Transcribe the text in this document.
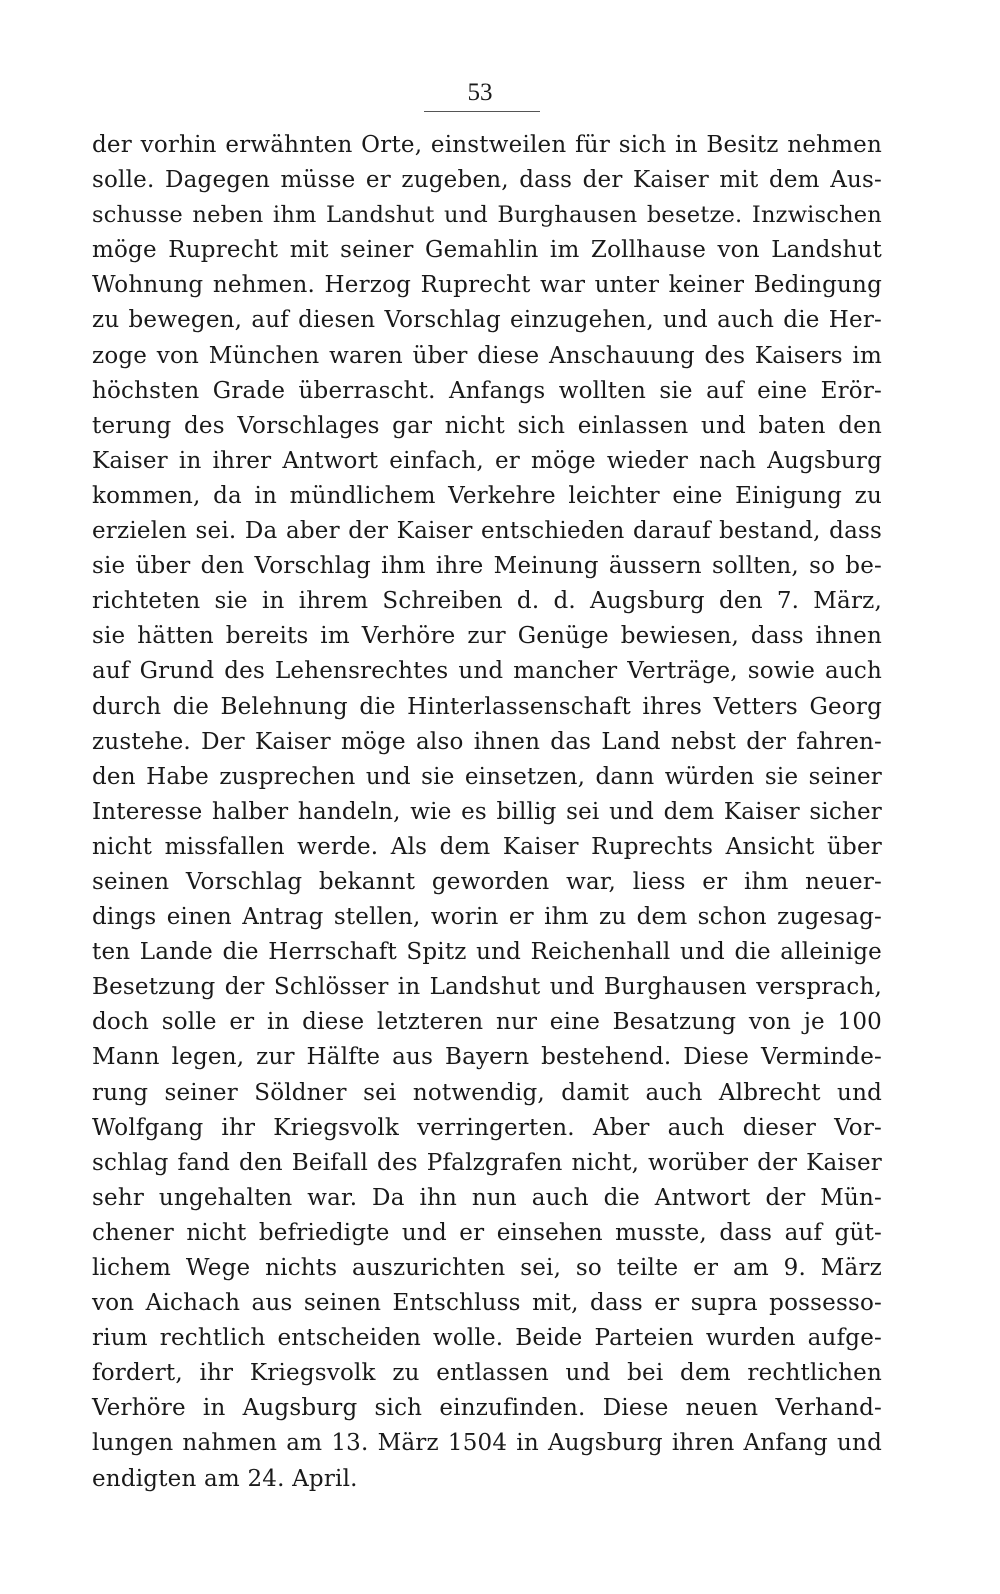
53
der vorhin erwähnten Orte, einstweilen für sich in Besitz nehmen
solle. Dagegen müsse er zugeben, dass der Kaiser mit dem Aus-
schusse neben ihm Landshut und Burghausen besetze. Inzwischen
möge Ruprecht mit seiner Gemahlin im Zollhause von Landshut
Wohnung nehmen. Herzog Ruprecht war unter keiner Bedingung
zu bewegen, auf diesen Vorschlag einzugehen, und auch die Her-
zoge von München waren über diese Anschauung des Kaisers im
höchsten Grade überrascht. Anfangs wollten sie auf eine Erör-
terung des Vorschlages gar nicht sich einlassen und baten den
Kaiser in ihrer Antwort einfach, er möge wieder nach Augsburg
kommen, da in mündlichem Verkehre leichter eine Einigung zu
erzielen sei. Da aber der Kaiser entschieden darauf bestand, dass
sie über den Vorschlag ihm ihre Meinung äussern sollten, so be-
richteten sie in ihrem Schreiben d. d. Augsburg den 7. März,
sie hätten bereits im Verhöre zur Genüge bewiesen, dass ihnen
auf Grund des Lehensrechtes und mancher Verträge, sowie auch
durch die Belehnung die Hinterlassenschaft ihres Vetters Georg
zustehe. Der Kaiser möge also ihnen das Land nebst der fahren-
den Habe zusprechen und sie einsetzen, dann würden sie seiner
Interesse halber handeln, wie es billig sei und dem Kaiser sicher
nicht missfallen werde. Als dem Kaiser Ruprechts Ansicht über
seinen Vorschlag bekannt geworden war, liess er ihm neuer-
dings einen Antrag stellen, worin er ihm zu dem schon zugesag-
ten Lande die Herrschaft Spitz und Reichenhall und die alleinige
Besetzung der Schlösser in Landshut und Burghausen versprach,
doch solle er in diese letzteren nur eine Besatzung von je 100
Mann legen, zur Hälfte aus Bayern bestehend. Diese Verminde-
rung seiner Söldner sei notwendig, damit auch Albrecht und
Wolfgang ihr Kriegsvolk verringerten. Aber auch dieser Vor-
schlag fand den Beifall des Pfalzgrafen nicht, worüber der Kaiser
sehr ungehalten war. Da ihn nun auch die Antwort der Mün-
chener nicht befriedigte und er einsehen musste, dass auf güt-
lichem Wege nichts auszurichten sei, so teilte er am 9. März
von Aichach aus seinen Entschluss mit, dass er supra possesso-
rium rechtlich entscheiden wolle. Beide Parteien wurden aufge-
fordert, ihr Kriegsvolk zu entlassen und bei dem rechtlichen
Verhöre in Augsburg sich einzufinden. Diese neuen Verhand-
lungen nahmen am 13. März 1504 in Augsburg ihren Anfang und
endigten am 24. April.
